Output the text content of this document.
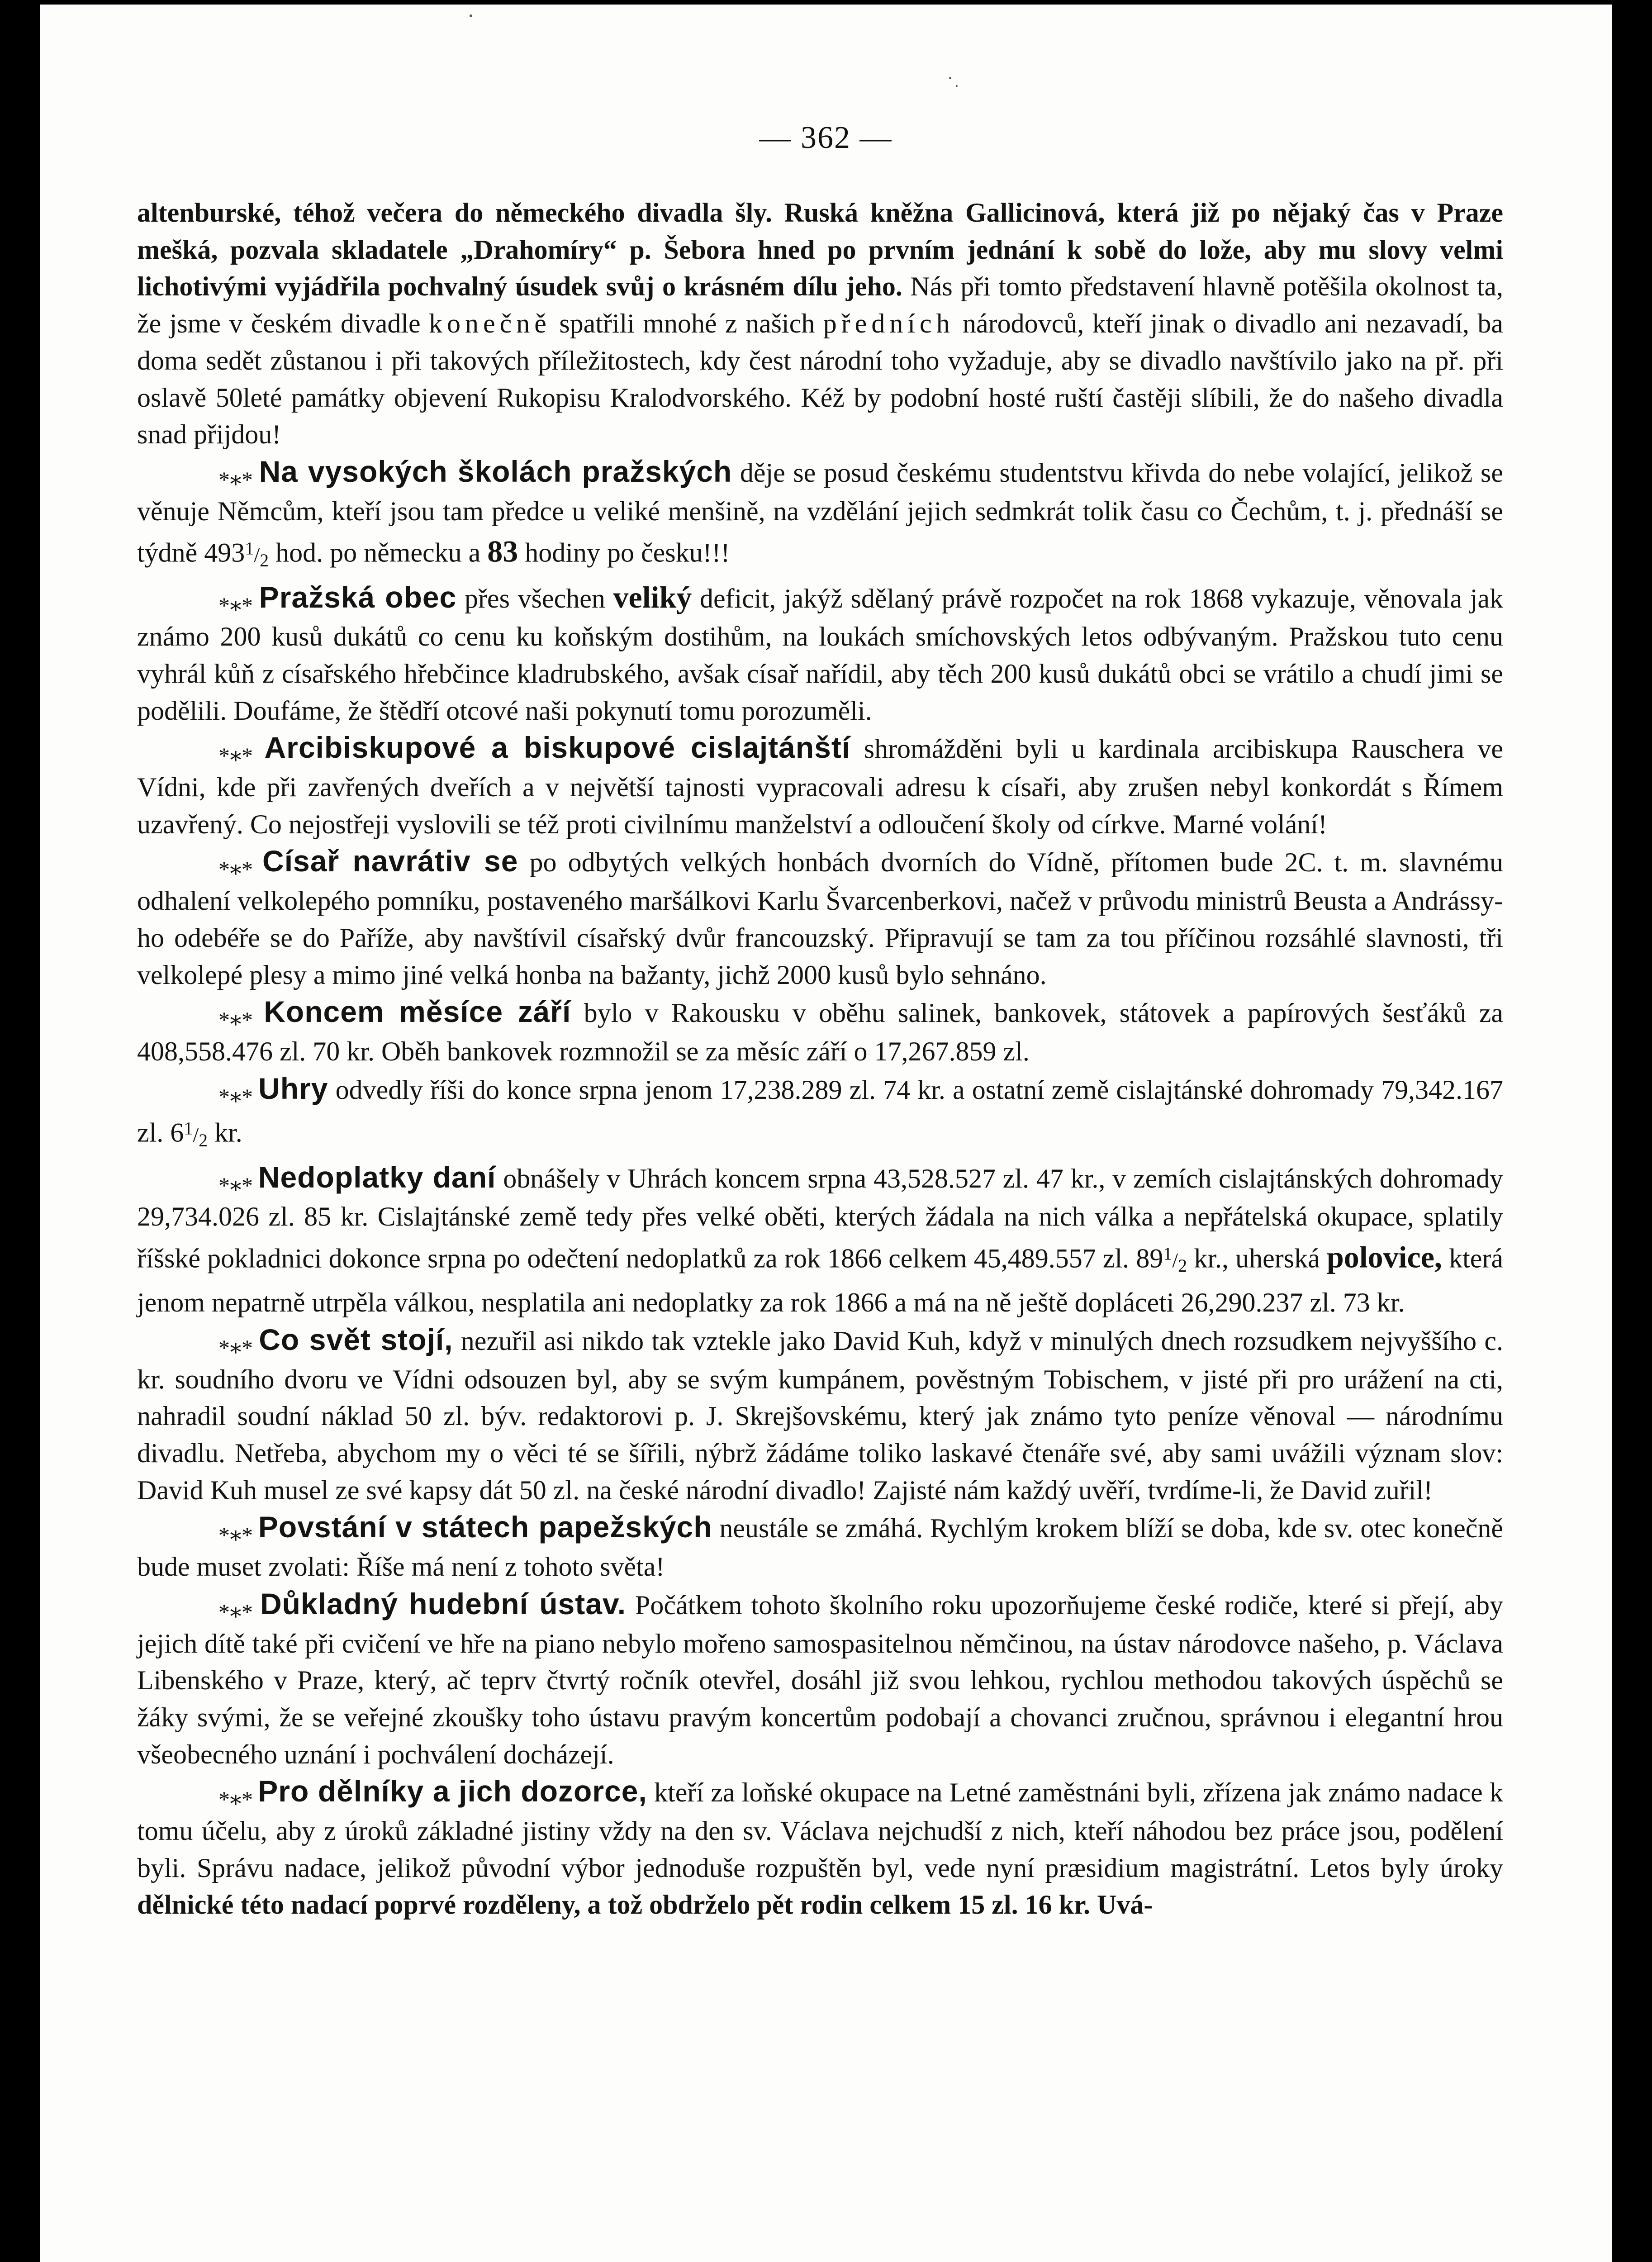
— 362 —

altenburské, téhož večera do německého divadla šly. Ruská kněžna Gallicinová, která již po nějaký čas v Praze mešká, pozvala skladatele „Drahomíry“ p. Šebora hned po prvním jednání k sobě do lože, aby mu slovy velmi lichotivými vyjádřila pochvalný úsudek svůj o krásném dílu jeho. Nás při tomto představení hlavně potěšila okolnost ta, že jsme v českém divadle konečně spatřili mnohé z našich předních národovců, kteří jinak o divadlo ani nezavadí, ba doma sedět zůstanou i při takových příležitostech, kdy čest národní toho vyžaduje, aby se divadlo navštívilo jako na př. při oslavě 50leté památky objevení Rukopisu Kralodvorského. Kéž by podobní hosté ruští častěji slíbili, že do našeho divadla snad přijdou!

$_{*∗*}$ Na vysokých školách pražských děje se posud českému studentstvu křivda do nebe volající, jelikož se věnuje Němcům, kteří jsou tam předce u veliké menšině, na vzdělání jejich sedmkrát tolik času co Čechům, t. j. přednáší se týdně $493^1/_2$ hod. po německu a 83 hodiny po česku!!!

$_{*∗*}$ Pražská obec přes všechen veliký deficit, jakýž sdělaný právě rozpočet na rok 1868 vykazuje, věnovala jak známo 200 kusů dukátů co cenu ku koňským dostihům, na loukách smíchovských letos odbývaným. Pražskou tuto cenu vyhrál kůň z císařského hřebčince kladrubského, avšak císař nařídil, aby těch 200 kusů dukátů obci se vrátilo a chudí jimi se podělili. Doufáme, že štědří otcové naši pokynutí tomu porozuměli.

$_{*∗*}$ Arcibiskupové a biskupové cislajtánští shromážděni byli u kardinala arcibiskupa Rauschera ve Vídni, kde při zavřených dveřích a v největší tajnosti vypracovali adresu k císaři, aby zrušen nebyl konkordát s Římem uzavřený. Co nejostřeji vyslovili se též proti civilnímu manželství a odloučení školy od církve. Marné volání!

$_{*∗*}$ Císař navrátiv se po odbytých velkých honbách dvorních do Vídně, přítomen bude 2C. t. m. slavnému odhalení velkolepého pomníku, postaveného maršálkovi Karlu Švarcenberkovi, načež v průvodu ministrů Beusta a Andrássy-ho odebéře se do Paříže, aby navštívil císařský dvůr francouzský. Připravují se tam za tou příčinou rozsáhlé slavnosti, tři velkolepé plesy a mimo jiné velká honba na bažanty, jichž 2000 kusů bylo sehnáno.

$_{*∗*}$ Koncem měsíce září bylo v Rakousku v oběhu salinek, bankovek, státovek a papírových šesťáků za 408,558.476 zl. 70 kr. Oběh bankovek rozmnožil se za měsíc září o 17,267.859 zl.

$_{*∗*}$ Uhry odvedly říši do konce srpna jenom 17,238.289 zl. 74 kr. a ostatní země cislajtánské dohromady 79,342.167 zl. $6^1/_2$ kr.

$_{*∗*}$ Nedoplatky daní obnášely v Uhrách koncem srpna 43,528.527 zl. 47 kr., v zemích cislajtánských dohromady 29,734.026 zl. 85 kr. Cislajtánské země tedy přes velké oběti, kterých žádala na nich válka a nepřátelská okupace, splatily říšské pokladnici dokonce srpna po odečtení nedoplatků za rok 1866 celkem 45,489.557 zl. $89^1/_2$ kr., uherská polovice, která jenom nepatrně utrpěla válkou, nesplatila ani nedoplatky za rok 1866 a má na ně ještě dopláceti 26,290.237 zl. 73 kr.

$_{*∗*}$ Co svět stojí, nezuřil asi nikdo tak vztekle jako David Kuh, když v minulých dnech rozsudkem nejvyššího c. kr. soudního dvoru ve Vídni odsouzen byl, aby se svým kumpánem, pověstným Tobischem, v jisté při pro urážení na cti, nahradil soudní náklad 50 zl. býv. redaktorovi p. J. Skrejšovskému, který jak známo tyto peníze věnoval — národnímu divadlu. Netřeba, abychom my o věci té se šířili, nýbrž žádáme toliko laskavé čtenáře své, aby sami uvážili význam slov: David Kuh musel ze své kapsy dát 50 zl. na české národní divadlo! Zajisté nám každý uvěří, tvrdíme-li, že David zuřil!

$_{*∗*}$ Povstání v státech papežských neustále se zmáhá. Rychlým krokem blíží se doba, kde sv. otec konečně bude muset zvolati: Říše má není z tohoto světa!

$_{*∗*}$ Důkladný hudební ústav. Počátkem tohoto školního roku upozorňujeme české rodiče, které si přejí, aby jejich dítě také při cvičení ve hře na piano nebylo mořeno samospasitelnou němčinou, na ústav národovce našeho, p. Václava Libenského v Praze, který, ač teprv čtvrtý ročník otevřel, dosáhl již svou lehkou, rychlou methodou takových úspěchů se žáky svými, že se veřejné zkoušky toho ústavu pravým koncertům podobají a chovanci zručnou, správnou i elegantní hrou všeobecného uznání i pochválení docházejí.

$_{*∗*}$ Pro dělníky a jich dozorce, kteří za loňské okupace na Letné zaměstnáni byli, zřízena jak známo nadace k tomu účelu, aby z úroků základné jistiny vždy na den sv. Václava nejchudší z nich, kteří náhodou bez práce jsou, podělení byli. Správu nadace, jelikož původní výbor jednoduše rozpuštěn byl, vede nyní præsidium magistrátní. Letos byly úroky dělnické této nadací poprvé rozděleny, a tož obdrželo pět rodin celkem 15 zl. 16 kr. Uvá-
